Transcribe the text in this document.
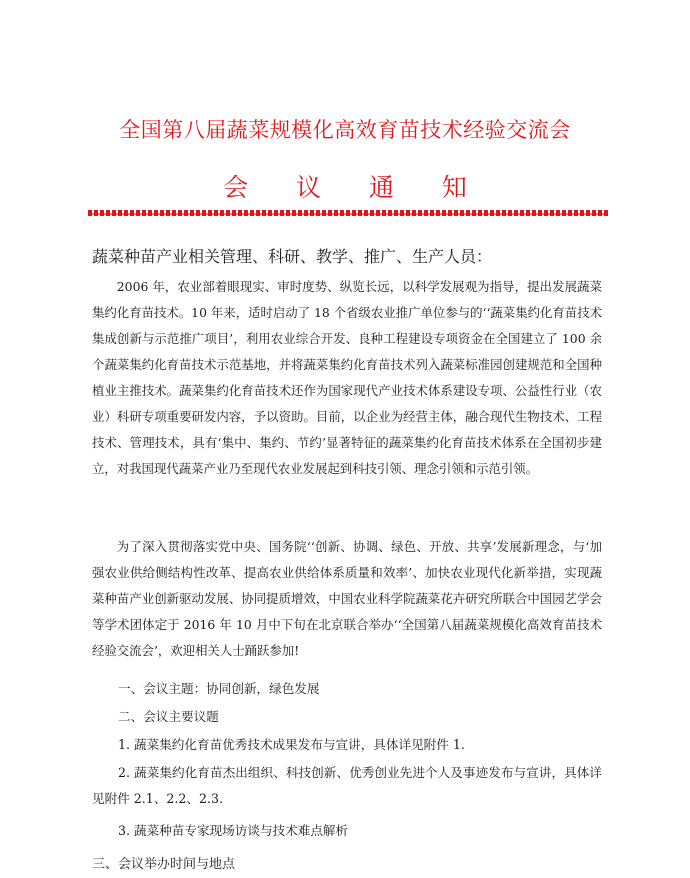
全国第八届蔬菜规模化高效育苗技术经验交流会
会 议 通 知
蔬菜种苗产业相关管理、科研、教学、推广、生产人员：

2006 年，农业部着眼现实、审时度势、纵览长远，以科学发展观为指导，提出发展蔬菜集约化育苗技术。10 年来，适时启动了 18 个省级农业推广单位参与的‘‘蔬菜集约化育苗技术集成创新与示范推广项目’，利用农业综合开发、良种工程建设专项资金在全国建立了 100 余个蔬菜集约化育苗技术示范基地，并将蔬菜集约化育苗技术列入蔬菜标准园创建规范和全国种植业主推技术。蔬菜集约化育苗技术还作为国家现代产业技术体系建设专项、公益性行业（农业）科研专项重要研发内容，予以资助。目前，以企业为经营主体，融合现代生物技术、工程技术、管理技术，具有‘集中、集约、节约’显著特征的蔬菜集约化育苗技术体系在全国初步建立，对我国现代蔬菜产业乃至现代农业发展起到科技引领、理念引领和示范引领。

为了深入贯彻落实党中央、国务院‘‘创新、协调、绿色、开放、共享’发展新理念，与‘加强农业供给侧结构性改革、提高农业供给体系质量和效率’、加快农业现代化新举措，实现蔬菜种苗产业创新驱动发展、协同提质增效，中国农业科学院蔬菜花卉研究所联合中国园艺学会等学术团体定于 2016 年 10 月中下旬在北京联合举办‘‘全国第八届蔬菜规模化高效育苗技术经验交流会’，欢迎相关人士踊跃参加!

一、会议主题：协同创新，绿色发展

二、会议主要议题

1. 蔬菜集约化育苗优秀技术成果发布与宣讲，具体详见附件 1.

2. 蔬菜集约化育苗杰出组织、科技创新、优秀创业先进个人及事迹发布与宣讲，具体详见附件 2.1、2.2、2.3.

3. 蔬菜种苗专家现场访谈与技术难点解析

三、会议举办时间与地点
